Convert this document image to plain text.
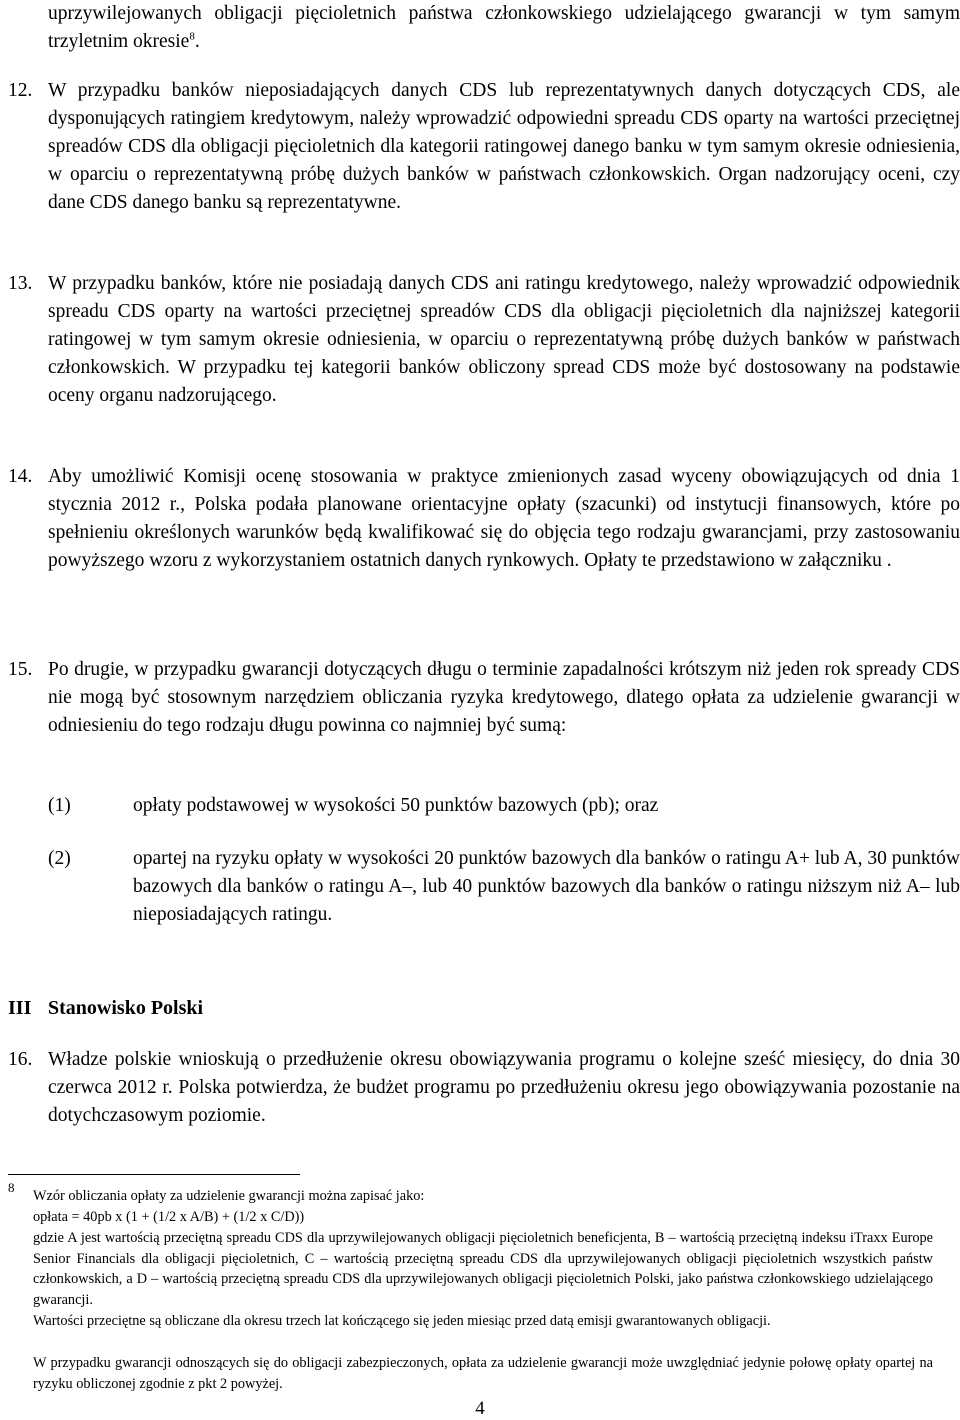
uprzywilejowanych obligacji pięcioletnich państwa członkowskiego udzielającego gwarancji w tym samym trzyletnim okresie$^8$.

12. W przypadku banków nieposiadających danych CDS lub reprezentatywnych danych dotyczących CDS, ale dysponujących ratingiem kredytowym, należy wprowadzić odpowiedni spreadu CDS oparty na wartości przeciętnej spreadów CDS dla obligacji pięcioletnich dla kategorii ratingowej danego banku w tym samym okresie odniesienia, w oparciu o reprezentatywną próbę dużych banków w państwach członkowskich. Organ nadzorujący oceni, czy dane CDS danego banku są reprezentatywne.

13. W przypadku banków, które nie posiadają danych CDS ani ratingu kredytowego, należy wprowadzić odpowiednik spreadu CDS oparty na wartości przeciętnej spreadów CDS dla obligacji pięcioletnich dla najniższej kategorii ratingowej w tym samym okresie odniesienia, w oparciu o reprezentatywną próbę dużych banków w państwach członkowskich. W przypadku tej kategorii banków obliczony spread CDS może być dostosowany na podstawie oceny organu nadzorującego.

14. Aby umożliwić Komisji ocenę stosowania w praktyce zmienionych zasad wyceny obowiązujących od dnia 1 stycznia 2012 r., Polska podała planowane orientacyjne opłaty (szacunki) od instytucji finansowych, które po spełnieniu określonych warunków będą kwalifikować się do objęcia tego rodzaju gwarancjami, przy zastosowaniu powyższego wzoru z wykorzystaniem ostatnich danych rynkowych. Opłaty te przedstawiono w załączniku .

15. Po drugie, w przypadku gwarancji dotyczących długu o terminie zapadalności krótszym niż jeden rok spready CDS nie mogą być stosownym narzędziem obliczania ryzyka kredytowego, dlatego opłata za udzielenie gwarancji w odniesieniu do tego rodzaju długu powinna co najmniej być sumą:

(1)	opłaty podstawowej w wysokości 50 punktów bazowych (pb); oraz

(2)	opartej na ryzyku opłaty w wysokości 20 punktów bazowych dla banków o ratingu A+ lub A, 30 punktów bazowych dla banków o ratingu A–, lub 40 punktów bazowych dla banków o ratingu niższym niż A– lub nieposiadających ratingu.

III Stanowisko Polski

16. Władze polskie wnioskują o przedłużenie okresu obowiązywania programu o kolejne sześć miesięcy, do dnia 30 czerwca 2012 r. Polska potwierdza, że budżet programu po przedłużeniu okresu jego obowiązywania pozostanie na dotychczasowym poziomie.

8

Wzór obliczania opłaty za udzielenie gwarancji można zapisać jako:

opłata = 40pb x (1 + (1/2 x A/B) + (1/2 x C/D))

gdzie A jest wartością przeciętną spreadu CDS dla uprzywilejowanych obligacji pięcioletnich beneficjenta, B – wartością przeciętną indeksu iTraxx Europe Senior Financials dla obligacji pięcioletnich, C – wartością przeciętną spreadu CDS dla uprzywilejowanych obligacji pięcioletnich wszystkich państw członkowskich, a D – wartością przeciętną spreadu CDS dla uprzywilejowanych obligacji pięcioletnich Polski, jako państwa członkowskiego udzielającego gwarancji.

Wartości przeciętne są obliczane dla okresu trzech lat kończącego się jeden miesiąc przed datą emisji gwarantowanych obligacji.

W przypadku gwarancji odnoszących się do obligacji zabezpieczonych, opłata za udzielenie gwarancji może uwzględniać jedynie połowę opłaty opartej na ryzyku obliczonej zgodnie z pkt 2 powyżej.

4
